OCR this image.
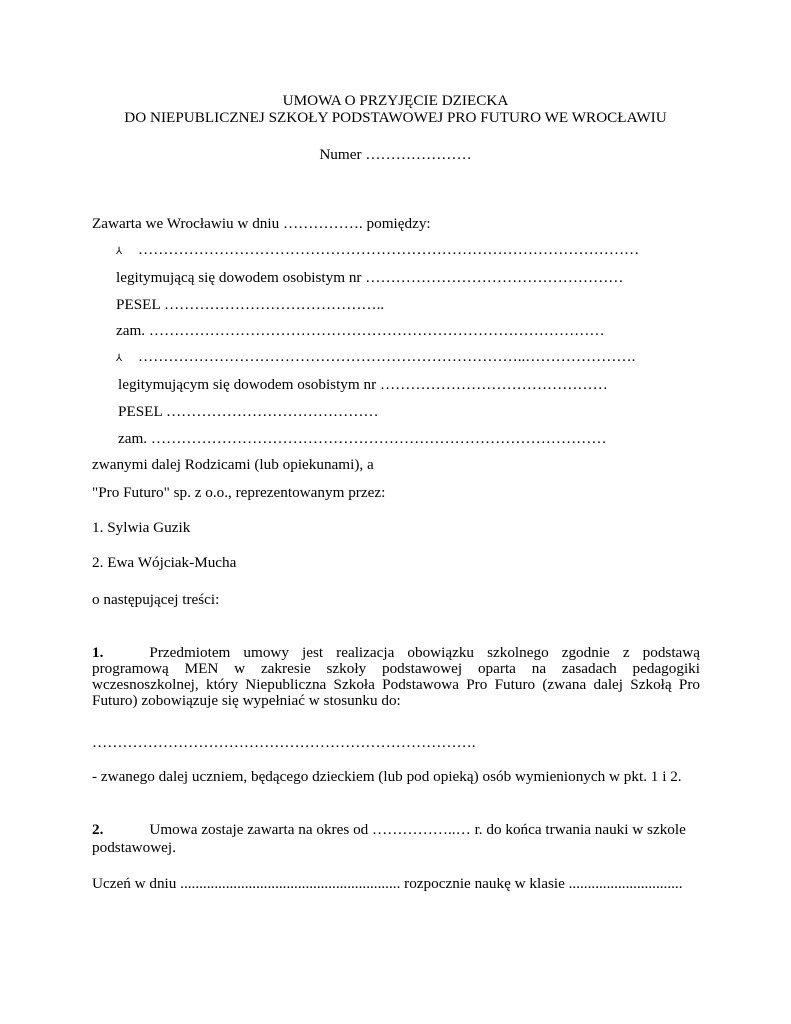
UMOWA O PRZYJĘCIE DZIECKA

DO NIEPUBLICZNEJ SZKOŁY PODSTAWOWEJ PRO FUTURO WE WROCŁAWIU

Numer …………………

Zawarta we Wrocławiu w dniu ……………. pomiędzy:

⅄ ………………………………………………………………………………………

legitymującą się dowodem osobistym nr ……………………………………………

PESEL ……………………………………..

zam. ………………………………………………………………………………

⅄ …………………………………………………………………..………………….

legitymującym się dowodem osobistym nr ………………………………………

PESEL ……………………………………

zam. ………………………………………………………………………………

zwanymi dalej Rodzicami (lub opiekunami), a

"Pro Futuro" sp. z o.o., reprezentowanym przez:

1. Sylwia Guzik

2. Ewa Wójciak-Mucha

o następującej treści:

1.	Przedmiotem umowy jest realizacja obowiązku szkolnego zgodnie z podstawą programową MEN w zakresie szkoły podstawowej oparta na zasadach pedagogiki wczesnoszkolnej, który Niepubliczna Szkoła Podstawowa Pro Futuro (zwana dalej Szkołą Pro Futuro) zobowiązuje się wypełniać w stosunku do:

………………………………………………………………….

- zwanego dalej uczniem, będącego dzieckiem (lub pod opieką) osób wymienionych w pkt. 1 i 2.

2.	Umowa zostaje zawarta na okres od ……………..… r. do końca trwania nauki w szkole

podstawowej.

Uczeń w dniu .......................................................... rozpocznie naukę w klasie ..............................
